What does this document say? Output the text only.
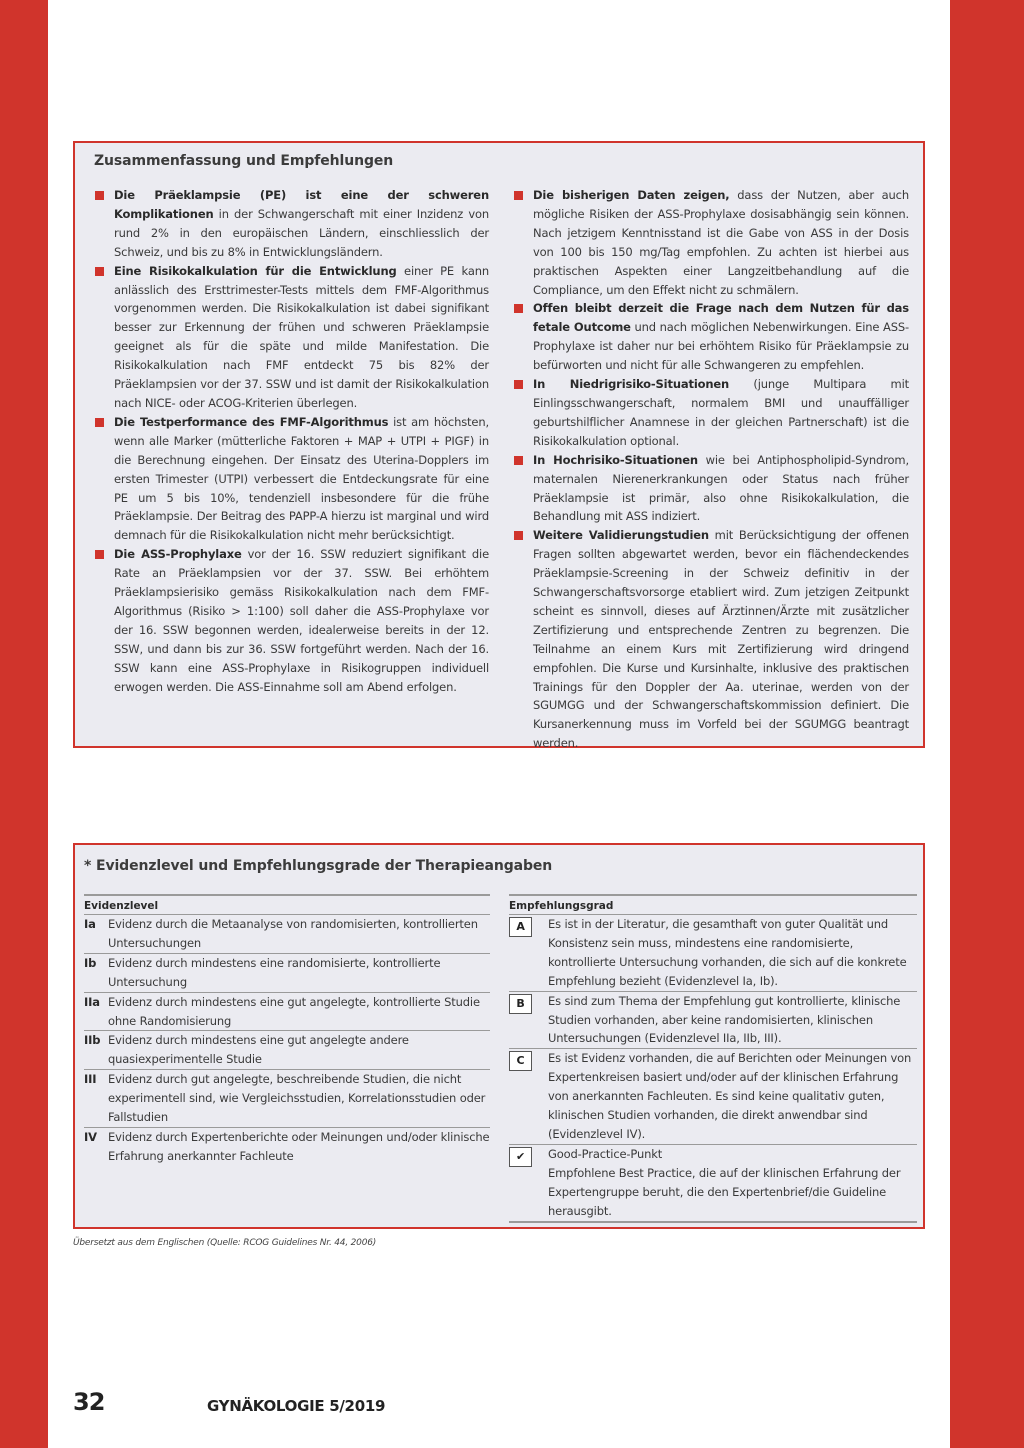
Zusammenfassung und Empfehlungen
Die Präeklampsie (PE) ist eine der schweren Komplikationen in der Schwangerschaft mit einer Inzidenz von rund 2% in den europäischen Ländern, einschliesslich der Schweiz, und bis zu 8% in Entwicklungsländern.
Eine Risikokalkulation für die Entwicklung einer PE kann anlässlich des Ersttrimester-Tests mittels dem FMF-Algorithmus vorgenommen werden. Die Risikokalkulation ist dabei signifikant besser zur Erkennung der frühen und schweren Präeklampsie geeignet als für die späte und milde Manifestation. Die Risikokalkulation nach FMF entdeckt 75 bis 82% der Präeklampsien vor der 37. SSW und ist damit der Risikokalkulation nach NICE- oder ACOG-Kriterien überlegen.
Die Testperformance des FMF-Algorithmus ist am höchsten, wenn alle Marker (mütterliche Faktoren + MAP + UTPI + PIGF) in die Berechnung eingehen. Der Einsatz des Uterina-Dopplers im ersten Trimester (UTPI) verbessert die Entdeckungsrate für eine PE um 5 bis 10%, tendenziell insbesondere für die frühe Präeklampsie. Der Beitrag des PAPP-A hierzu ist marginal und wird demnach für die Risikokalkulation nicht mehr berücksichtigt.
Die ASS-Prophylaxe vor der 16. SSW reduziert signifikant die Rate an Präeklampsien vor der 37. SSW. Bei erhöhtem Präeklampsierisiko gemäss Risikokalkulation nach dem FMF-Algorithmus (Risiko > 1:100) soll daher die ASS-Prophylaxe vor der 16. SSW begonnen werden, idealerweise bereits in der 12. SSW, und dann bis zur 36. SSW fortgeführt werden. Nach der 16. SSW kann eine ASS-Prophylaxe in Risikogruppen individuell erwogen werden. Die ASS-Einnahme soll am Abend erfolgen.
Die bisherigen Daten zeigen, dass der Nutzen, aber auch mögliche Risiken der ASS-Prophylaxe dosisabhängig sein können. Nach jetzigem Kenntnisstand ist die Gabe von ASS in der Dosis von 100 bis 150 mg/Tag empfohlen. Zu achten ist hierbei aus praktischen Aspekten einer Langzeitbehandlung auf die Compliance, um den Effekt nicht zu schmälern.
Offen bleibt derzeit die Frage nach dem Nutzen für das fetale Outcome und nach möglichen Nebenwirkungen. Eine ASS-Prophylaxe ist daher nur bei erhöhtem Risiko für Präeklampsie zu befürworten und nicht für alle Schwangeren zu empfehlen.
In Niedrigrisiko-Situationen (junge Multipara mit Einlingsschwangerschaft, normalem BMI und unauffälliger geburtshilflicher Anamnese in der gleichen Partnerschaft) ist die Risikokalkulation optional.
In Hochrisiko-Situationen wie bei Antiphospholipid-Syndrom, maternalen Nierenerkrankungen oder Status nach früher Präeklampsie ist primär, also ohne Risikokalkulation, die Behandlung mit ASS indiziert.
Weitere Validierungstudien mit Berücksichtigung der offenen Fragen sollten abgewartet werden, bevor ein flächendeckendes Präeklampsie-Screening in der Schweiz definitiv in der Schwangerschaftsvorsorge etabliert wird. Zum jetzigen Zeitpunkt scheint es sinnvoll, dieses auf Ärztinnen/Ärzte mit zusätzlicher Zertifizierung und entsprechende Zentren zu begrenzen. Die Teilnahme an einem Kurs mit Zertifizierung wird dringend empfohlen. Die Kurse und Kursinhalte, inklusive des praktischen Trainings für den Doppler der Aa. uterinae, werden von der SGUMGG und der Schwangerschaftskommission definiert. Die Kursanerkennung muss im Vorfeld bei der SGUMGG beantragt werden.
* Evidenzlevel und Empfehlungsgrade der Therapieangaben
Evidenzlevel
Ia	Evidenz durch die Metaanalyse von randomisierten, kontrollierten Untersuchungen
Ib	Evidenz durch mindestens eine randomisierte, kontrollierte Untersuchung
IIa Evidenz durch mindestens eine gut angelegte, kontrollierte Studie ohne Randomisierung
IIb Evidenz durch mindestens eine gut angelegte andere quasiexperimentelle Studie
III	Evidenz durch gut angelegte, beschreibende Studien, die nicht experimentell sind, wie Vergleichsstudien, Korrelationsstudien oder Fallstudien
IV Evidenz durch Expertenberichte oder Meinungen und/oder klinische Erfahrung anerkannter Fachleute
Empfehlungsgrad
A	Es ist in der Literatur, die gesamthaft von guter Qualität und Konsistenz sein muss, mindestens eine randomisierte, kontrollierte Untersuchung vorhanden, die sich auf die konkrete Empfehlung bezieht (Evidenzlevel Ia, Ib).
B	Es sind zum Thema der Empfehlung gut kontrollierte, klinische Studien vorhanden, aber keine randomisierten, klinischen Untersuchungen (Evidenzlevel IIa, IIb, III).
C	Es ist Evidenz vorhanden, die auf Berichten oder Meinungen von Expertenkreisen basiert und/oder auf der klinischen Erfahrung von anerkannten Fachleuten. Es sind keine qualitativ guten, klinischen Studien vorhanden, die direkt anwendbar sind (Evidenzlevel IV).
✔	Good-Practice-Punkt
Empfohlene Best Practice, die auf der klinischen Erfahrung der Expertengruppe beruht, die den Expertenbrief/die Guideline herausgibt.
Übersetzt aus dem Englischen (Quelle: RCOG Guidelines Nr. 44, 2006)
32	GYNÄKOLOGIE 5/2019
